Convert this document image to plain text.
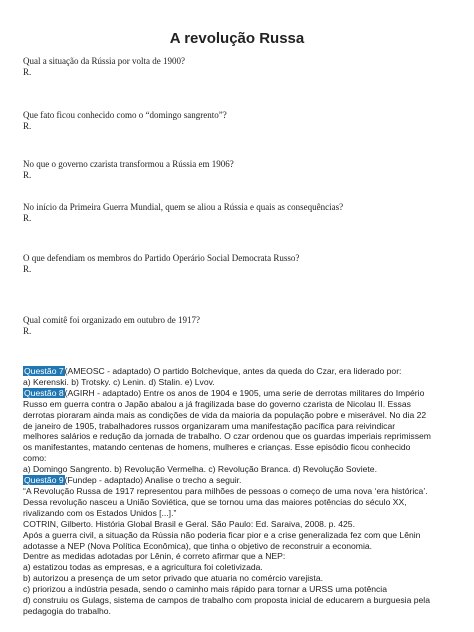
A revolução Russa
Qual a situação da Rússia por volta de 1900?
R.
Que fato ficou conhecido como o “domingo sangrento”?
R.
No que o governo czarista transformou a Rússia em 1906?
R.
No início da Primeira Guerra Mundial, quem se aliou a Rússia e quais as consequências?
R.
O que defendiam os membros do Partido Operário Social Democrata Russo?
R.
Qual comitê foi organizado em outubro de 1917?
R.
Questão 7(AMEOSC - adaptado) O partido Bolchevique, antes da queda do Czar, era liderado por:
a) Kerenski. b) Trotsky. c) Lenin. d) Stalin. e) Lvov.
Questão 8(AGIRH - adaptado) Entre os anos de 1904 e 1905, uma serie de derrotas militares do Império
Russo em guerra contra o Japão abalou a já fragilizada base do governo czarista de Nicolau II. Essas
derrotas pioraram ainda mais as condições de vida da maioria da população pobre e miserável. No dia 22
de janeiro de 1905, trabalhadores russos organizaram uma manifestação pacífica para reivindicar
melhores salários e redução da jornada de trabalho. O czar ordenou que os guardas imperiais reprimissem
os manifestantes, matando centenas de homens, mulheres e crianças. Esse episódio ficou conhecido
como:
a) Domingo Sangrento. b) Revolução Vermelha. c) Revolução Branca. d) Revolução Soviete.
Questão 9(Fundep - adaptado) Analise o trecho a seguir.
“A Revolução Russa de 1917 representou para milhões de pessoas o começo de uma nova ‘era histórica’.
Dessa revolução nasceu a União Soviética, que se tornou uma das maiores potências do século XX,
rivalizando com os Estados Unidos [...].”
COTRIN, Gilberto. História Global Brasil e Geral. São Paulo: Ed. Saraiva, 2008. p. 425.
Após a guerra civil, a situação da Rússia não poderia ficar pior e a crise generalizada fez com que Lênin
adotasse a NEP (Nova Política Econômica), que tinha o objetivo de reconstruir a economia.
Dentre as medidas adotadas por Lênin, é correto afirmar que a NEP:
a) estatizou todas as empresas, e a agricultura foi coletivizada.
b) autorizou a presença de um setor privado que atuaria no comércio varejista.
c) priorizou a indústria pesada, sendo o caminho mais rápido para tornar a URSS uma potência
d) construiu os Gulags, sistema de campos de trabalho com proposta inicial de educarem a burguesia pela
pedagogia do trabalho.
